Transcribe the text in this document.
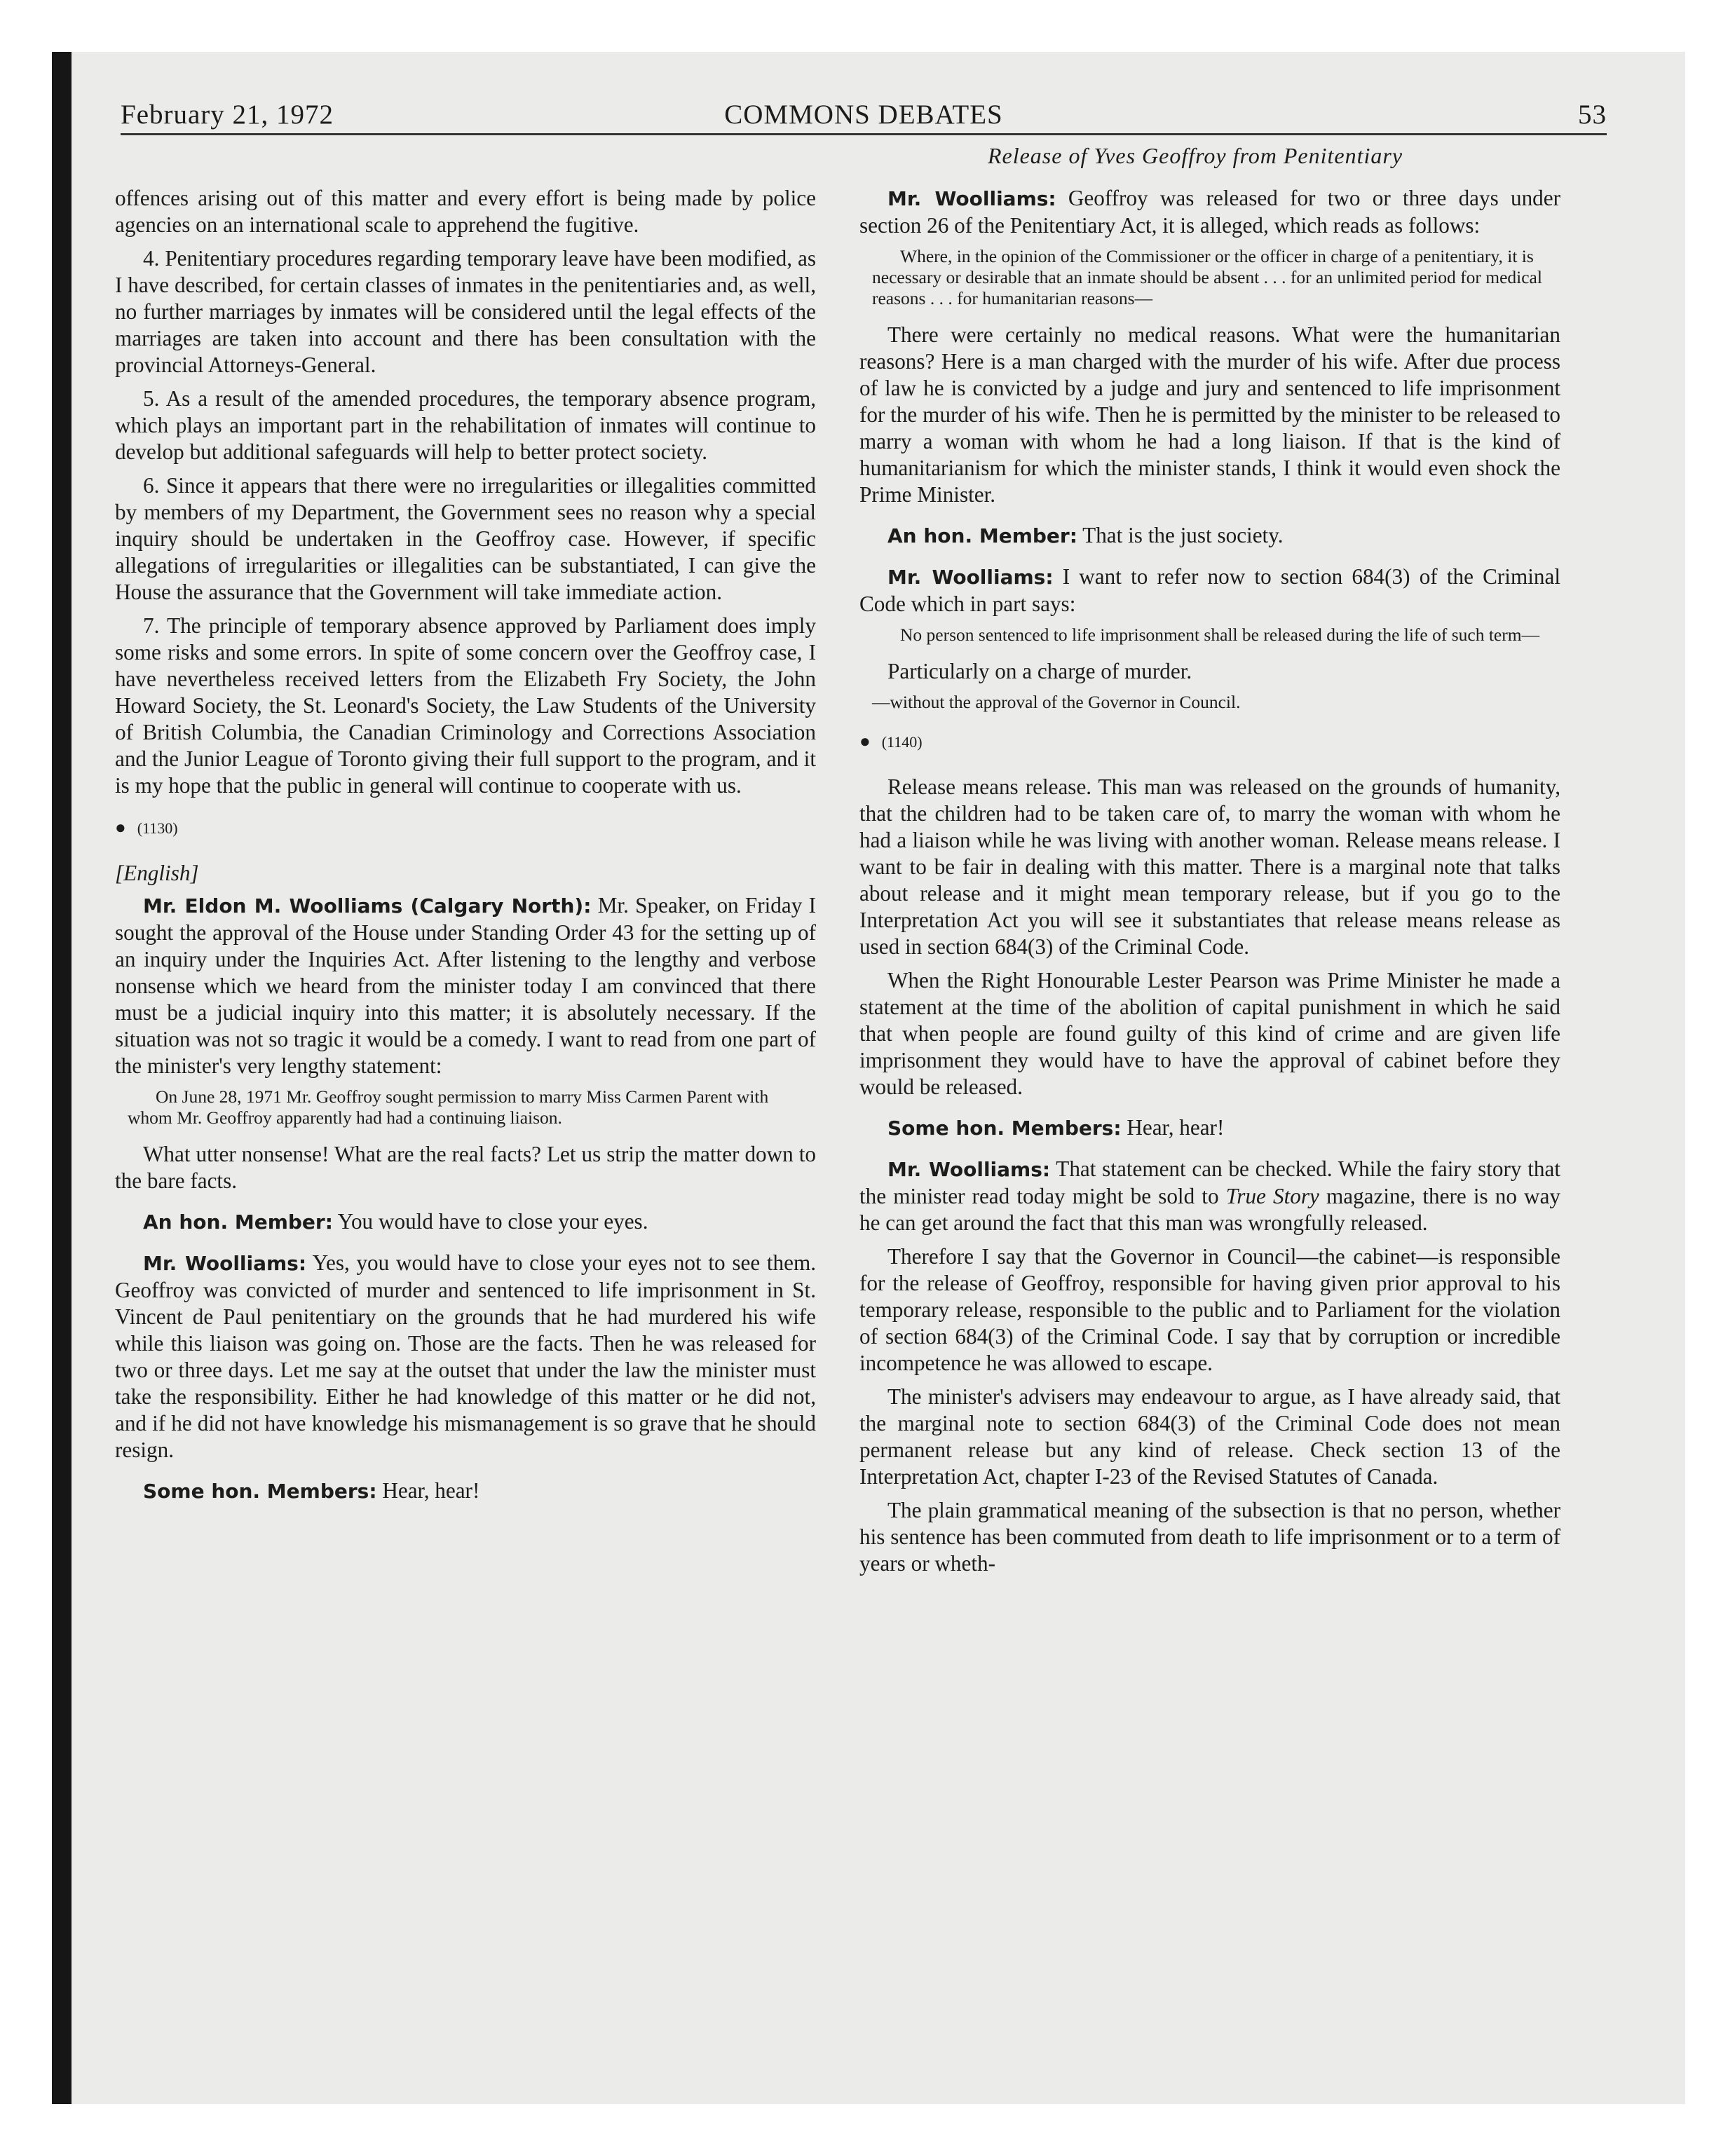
February 21, 1972	COMMONS DEBATES	53
Release of Yves Geoffroy from Penitentiary

offences arising out of this matter and every effort is being made by police agencies on an international scale to apprehend the fugitive.

4. Penitentiary procedures regarding temporary leave have been modified, as I have described, for certain classes of inmates in the penitentiaries and, as well, no further marriages by inmates will be considered until the legal effects of the marriages are taken into account and there has been consultation with the provincial Attorneys-General.

5. As a result of the amended procedures, the temporary absence program, which plays an important part in the rehabilitation of inmates will continue to develop but additional safeguards will help to better protect society.

6. Since it appears that there were no irregularities or illegalities committed by members of my Department, the Government sees no reason why a special inquiry should be undertaken in the Geoffroy case. However, if specific allegations of irregularities or illegalities can be substantiated, I can give the House the assurance that the Government will take immediate action.

7. The principle of temporary absence approved by Parliament does imply some risks and some errors. In spite of some concern over the Geoffroy case, I have nevertheless received letters from the Elizabeth Fry Society, the John Howard Society, the St. Leonard's Society, the Law Students of the University of British Columbia, the Canadian Criminology and Corrections Association and the Junior League of Toronto giving their full support to the program, and it is my hope that the public in general will continue to cooperate with us.

● (1130)
[English]

Mr. Eldon M. Woolliams (Calgary North): Mr. Speaker, on Friday I sought the approval of the House under Standing Order 43 for the setting up of an inquiry under the Inquiries Act. After listening to the lengthy and verbose nonsense which we heard from the minister today I am convinced that there must be a judicial inquiry into this matter; it is absolutely necessary. If the situation was not so tragic it would be a comedy. I want to read from one part of the minister's very lengthy statement:

On June 28, 1971 Mr. Geoffroy sought permission to marry Miss Carmen Parent with whom Mr. Geoffroy apparently had had a continuing liaison.

What utter nonsense! What are the real facts? Let us strip the matter down to the bare facts.

An hon. Member: You would have to close your eyes.

Mr. Woolliams: Yes, you would have to close your eyes not to see them. Geoffroy was convicted of murder and sentenced to life imprisonment in St. Vincent de Paul penitentiary on the grounds that he had murdered his wife while this liaison was going on. Those are the facts. Then he was released for two or three days. Let me say at the outset that under the law the minister must take the responsibility. Either he had knowledge of this matter or he did not, and if he did not have knowledge his mismanagement is so grave that he should resign.

Some hon. Members: Hear, hear!

Mr. Woolliams: Geoffroy was released for two or three days under section 26 of the Penitentiary Act, it is alleged, which reads as follows:

Where, in the opinion of the Commissioner or the officer in charge of a penitentiary, it is necessary or desirable that an inmate should be absent . . . for an unlimited period for medical reasons . . . for humanitarian reasons—

There were certainly no medical reasons. What were the humanitarian reasons? Here is a man charged with the murder of his wife. After due process of law he is convicted by a judge and jury and sentenced to life imprisonment for the murder of his wife. Then he is permitted by the minister to be released to marry a woman with whom he had a long liaison. If that is the kind of humanitarianism for which the minister stands, I think it would even shock the Prime Minister.

An hon. Member: That is the just society.

Mr. Woolliams: I want to refer now to section 684(3) of the Criminal Code which in part says:

No person sentenced to life imprisonment shall be released during the life of such term—

Particularly on a charge of murder.

—without the approval of the Governor in Council.
● (1140)

Release means release. This man was released on the grounds of humanity, that the children had to be taken care of, to marry the woman with whom he had a liaison while he was living with another woman. Release means release. I want to be fair in dealing with this matter. There is a marginal note that talks about release and it might mean temporary release, but if you go to the Interpretation Act you will see it substantiates that release means release as used in section 684(3) of the Criminal Code.

When the Right Honourable Lester Pearson was Prime Minister he made a statement at the time of the abolition of capital punishment in which he said that when people are found guilty of this kind of crime and are given life imprisonment they would have to have the approval of cabinet before they would be released.

Some hon. Members: Hear, hear!

Mr. Woolliams: That statement can be checked. While the fairy story that the minister read today might be sold to True Story magazine, there is no way he can get around the fact that this man was wrongfully released.

Therefore I say that the Governor in Council—the cabinet—is responsible for the release of Geoffroy, responsible for having given prior approval to his temporary release, responsible to the public and to Parliament for the violation of section 684(3) of the Criminal Code. I say that by corruption or incredible incompetence he was allowed to escape.

The minister's advisers may endeavour to argue, as I have already said, that the marginal note to section 684(3) of the Criminal Code does not mean permanent release but any kind of release. Check section 13 of the Interpretation Act, chapter I-23 of the Revised Statutes of Canada.

The plain grammatical meaning of the subsection is that no person, whether his sentence has been commuted from death to life imprisonment or to a term of years or wheth-
